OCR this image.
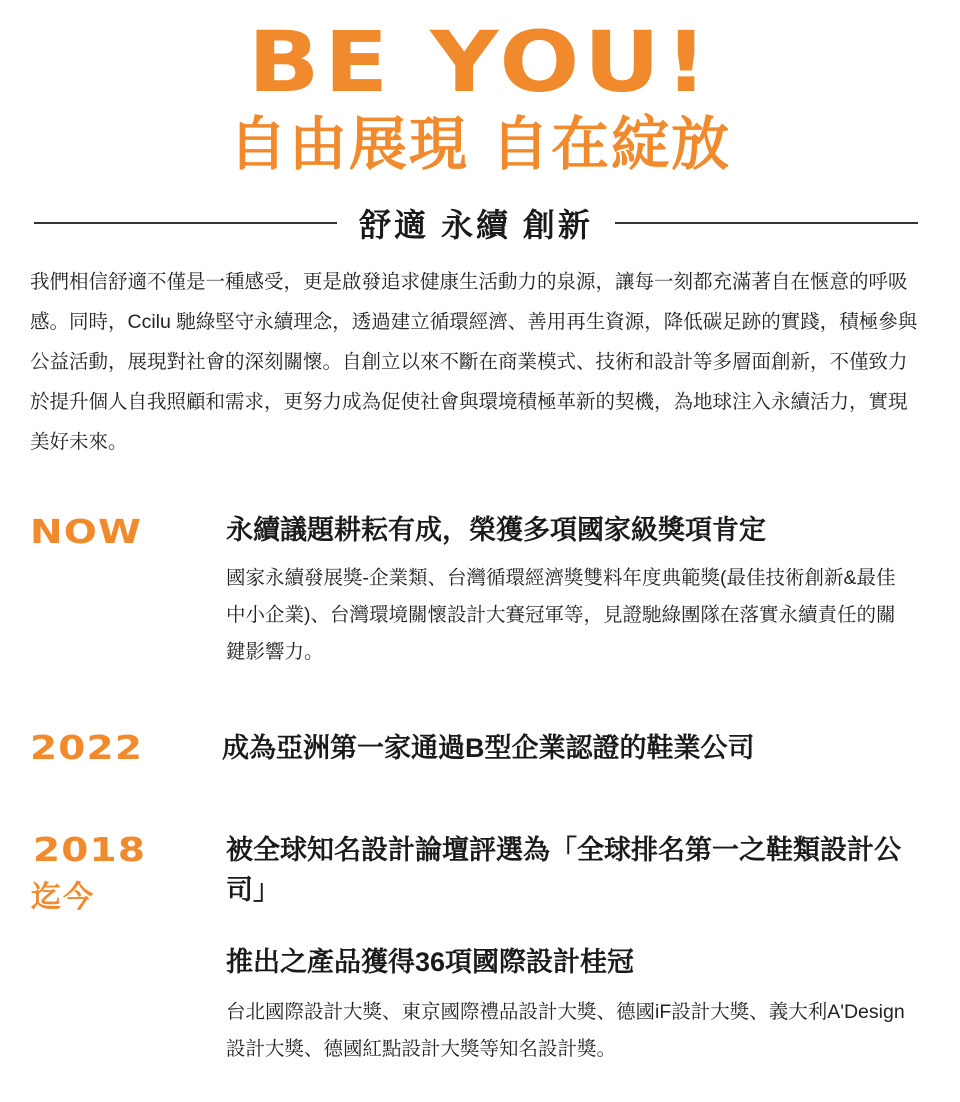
BE YOU!
自由展現 自在綻放
舒適 永續 創新
我們相信舒適不僅是一種感受，更是啟發追求健康生活動力的泉源，讓每一刻都充滿著自在愜意的呼吸感。同時，Ccilu 馳綠堅守永續理念，透過建立循環經濟、善用再生資源，降低碳足跡的實踐，積極參與公益活動，展現對社會的深刻關懷。自創立以來不斷在商業模式、技術和設計等多層面創新，不僅致力於提升個人自我照顧和需求，更努力成為促使社會與環境積極革新的契機，為地球注入永續活力，實現美好未來。
NOW	永續議題耕耘有成，榮獲多項國家級獎項肯定
國家永續發展獎-企業類、台灣循環經濟獎雙料年度典範獎(最佳技術創新&最佳中小企業)、台灣環境關懷設計大賽冠軍等，見證馳綠團隊在落實永續責任的關鍵影響力。
2022	成為亞洲第一家通過B型企業認證的鞋業公司
2018
迄今
被全球知名設計論壇評選為「全球排名第一之鞋類設計公司」
推出之產品獲得36項國際設計桂冠
台北國際設計大獎、東京國際禮品設計大獎、德國iF設計大獎、義大利A'Design 設計大獎、德國紅點設計大獎等知名設計獎。
